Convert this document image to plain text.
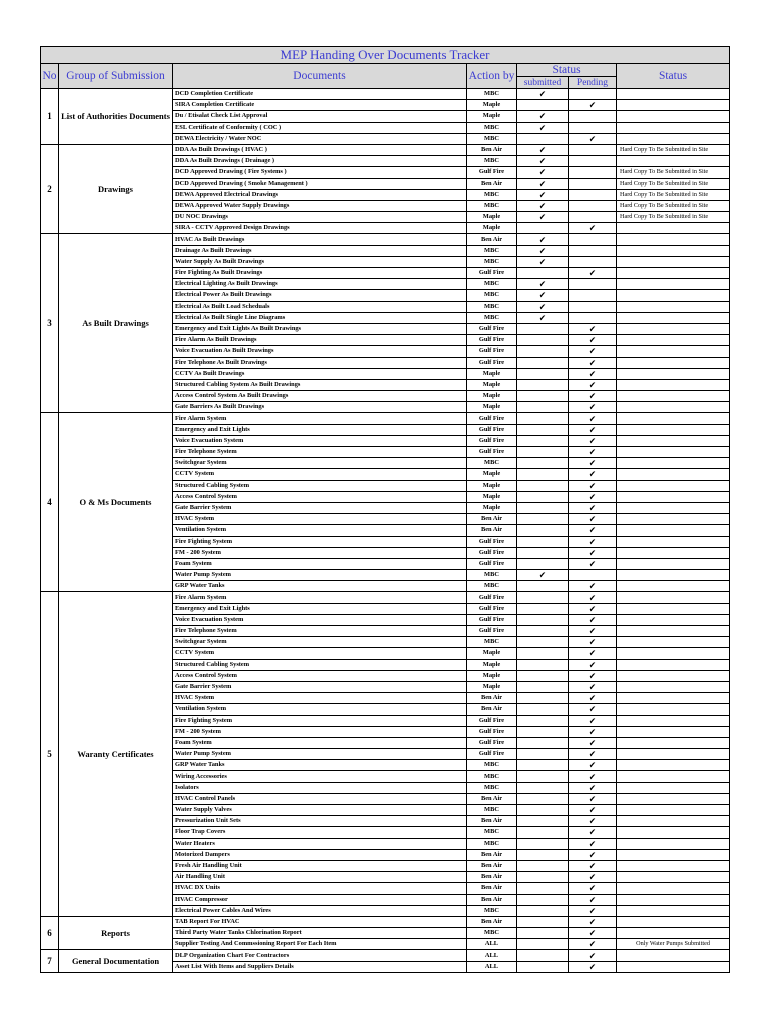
MEP Handing Over Documents Tracker						
No	Group of Submission	Documents	Action by	Status		Status
				submitted	Pending	
1	List of Authorities Documents	DCD Completion Certificate	MBC	✔		
		SIRA Completion Certificate	Maple		✔	
		Du / Etisalat Check List Approval	Maple	✔		
		ESL Certificate of Conformity ( COC )	MBC	✔		
		DEWA Electricity / Water NOC	MBC		✔	
2	Drawings	DDA As Built Drawings ( HVAC )	Ben Air	✔		Hard Copy To Be Submitted in Site
		DDA As Built Drawings ( Drainage )	MBC	✔		
		DCD Approved Drawing ( Fire Systems )	Gulf Fire	✔		Hard Copy To Be Submitted in Site
		DCD Approved Drawing ( Smoke Management )	Ben Air	✔		Hard Copy To Be Submitted in Site
		DEWA Approved Electrical Drawings	MBC	✔		Hard Copy To Be Submitted in Site
		DEWA Approved Water Supply Drawings	MBC	✔		Hard Copy To Be Submitted in Site
		DU NOC Drawings	Maple	✔		Hard Copy To Be Submitted in Site
		SIRA - CCTV Approved Design Drawings	Maple		✔	
3	As Built Drawings	HVAC As Built Drawings	Ben Air	✔		
		Drainage As Built Drawings	MBC	✔		
		Water Supply As Built Drawings	MBC	✔		
		Fire Fighting As Built Drawings	Gulf Fire		✔	
		Electrical Lighting As Built Drawings	MBC	✔		
		Electrical Power As Built Drawings	MBC	✔		
		Electrical As Built Load Scheduals	MBC	✔		
		Electrical As Built Single Line Diagrams	MBC	✔		
		Emergency and Exit Lights As Built Drawings	Gulf Fire		✔	
		Fire Alarm As Built Drawings	Gulf Fire		✔	
		Voice Evacuation As Built Drawings	Gulf Fire		✔	
		Fire Telephone As Built Drawings	Gulf Fire		✔	
		CCTV As Built Drawings	Maple		✔	
		Structured Cabling System As Built Drawings	Maple		✔	
		Access Control System As Built Drawings	Maple		✔	
		Gate Barriers As Built Drawings	Maple		✔	
4	O & Ms Documents	Fire Alarm System	Gulf Fire		✔	
		Emergency and Exit Lights	Gulf Fire		✔	
		Voice Evacuation System	Gulf Fire		✔	
		Fire Telephone System	Gulf Fire		✔	
		Switchgear System	MBC		✔	
		CCTV System	Maple		✔	
		Structured Cabling System	Maple		✔	
		Access Control System	Maple		✔	
		Gate Barrier System	Maple		✔	
		HVAC System	Ben Air		✔	
		Ventilation System	Ben Air		✔	
		Fire Fighting System	Gulf Fire		✔	
		FM - 200 System	Gulf Fire		✔	
		Foam System	Gulf Fire		✔	
		Water Pump System	MBC	✔		
		GRP Water Tanks	MBC		✔	
5	Waranty Certificates	Fire Alarm System	Gulf Fire		✔	
		Emergency and Exit Lights	Gulf Fire		✔	
		Voice Evacuation System	Gulf Fire		✔	
		Fire Telephone System	Gulf Fire		✔	
		Switchgear System	MBC		✔	
		CCTV System	Maple		✔	
		Structured Cabling System	Maple		✔	
		Access Control System	Maple		✔	
		Gate Barrier System	Maple		✔	
		HVAC System	Ben Air		✔	
		Ventilation System	Ben Air		✔	
		Fire Fighting System	Gulf Fire		✔	
		FM - 200 System	Gulf Fire		✔	
		Foam System	Gulf Fire		✔	
		Water Pump System	Gulf Fire		✔	
		GRP Water Tanks	MBC		✔	
		Wiring Accessories	MBC		✔	
		Isolators	MBC		✔	
		HVAC Control Panels	Ben Air		✔	
		Water Supply Valves	MBC		✔	
		Pressurization Unit Sets	Ben Air		✔	
		Floor Trap Covers	MBC		✔	
		Water Heaters	MBC		✔	
		Motorized Dampers	Ben Air		✔	
		Fresh Air Handling Unit	Ben Air		✔	
		Air Handling Unit	Ben Air		✔	
		HVAC DX Units	Ben Air		✔	
		HVAC Compressor	Ben Air		✔	
		Electrical Power Cables And Wires	MBC		✔	
6	Reports	TAB Report For HVAC	Ben Air		✔	
		Third Party Water Tanks Chlorination Report	MBC		✔	
		Supplier Testing And Commssioning Report For Each Item	ALL		✔	Only Water Pumps Submitted
7	General Documentation	DLP Organization Chart For Contractors	ALL		✔	
		Asset List With Items and Suppliers Details	ALL		✔	
